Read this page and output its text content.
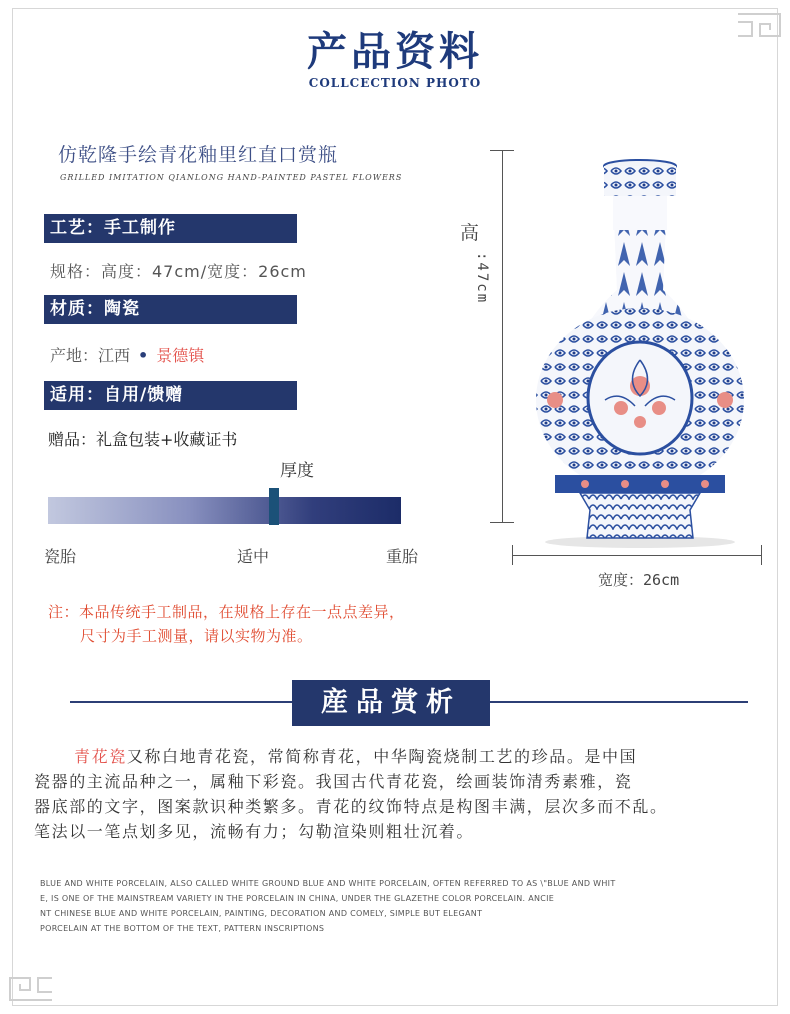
产品资料
COLLCECTION PHOTO
仿乾隆手绘青花釉里红直口赏瓶
GRILLED IMITATION QIANLONG HAND-PAINTED PASTEL FLOWERS
工艺：手工制作
规格：高度：47cm/宽度：26cm
材质：陶瓷
产地：江西 • 景德镇
适用：自用/馈赠
赠品：礼盒包装+收藏证书
厚度
瓷胎	适中	重胎
注：本品传统手工制品，在规格上存在一点点差异，
尺寸为手工测量，请以实物为准。
高
:47cm
宽度：26cm
産品赏析

青花瓷又称白地青花瓷，常简称青花，中华陶瓷烧制工艺的珍品。是中国

瓷器的主流品种之一，属釉下彩瓷。我国古代青花瓷，绘画装饰清秀素雅，瓷

器底部的文字，图案款识种类繁多。青花的纹饰特点是构图丰满，层次多而不乱。

笔法以一笔点划多见，流畅有力；勾勒渲染则粗壮沉着。

BLUE AND WHITE PORCELAIN, ALSO CALLED WHITE GROUND BLUE AND WHITE PORCELAIN, OFTEN REFERRED TO AS \"BLUE AND WHIT

E, IS ONE OF THE MAINSTREAM VARIETY IN THE PORCELAIN IN CHINA, UNDER THE GLAZETHE COLOR PORCELAIN. ANCIE

NT CHINESE BLUE AND WHITE PORCELAIN, PAINTING, DECORATION AND COMELY, SIMPLE BUT ELEGANT

PORCELAIN AT THE BOTTOM OF THE TEXT, PATTERN INSCRIPTIONS
